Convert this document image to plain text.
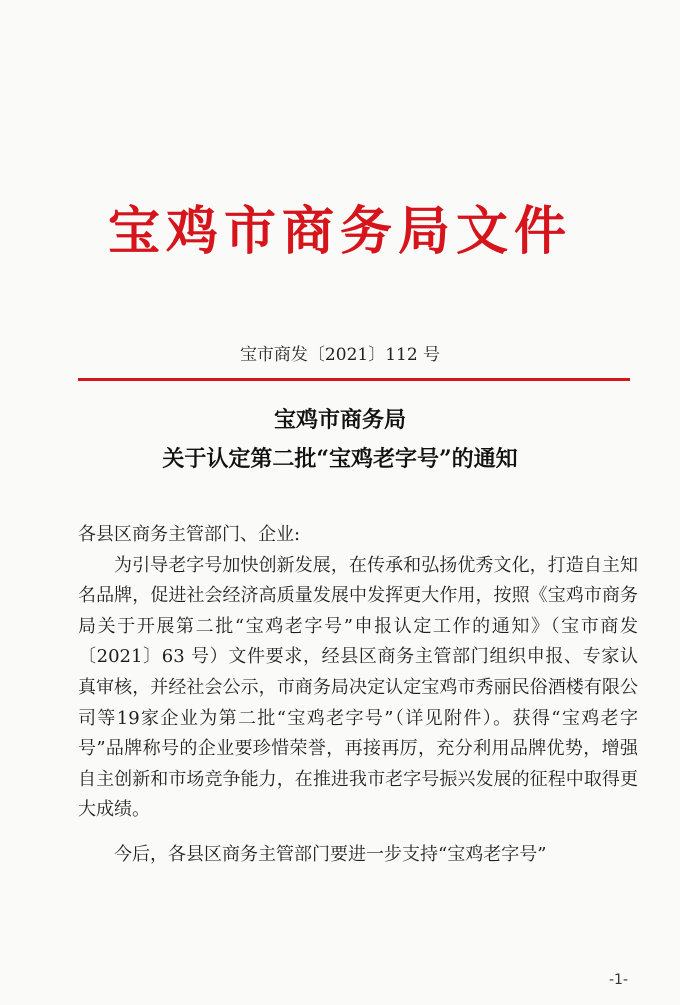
宝鸡市商务局文件
宝市商发〔2021〕112 号
宝鸡市商务局
关于认定第二批“宝鸡老字号”的通知

各县区商务主管部门、企业:

为引导老字号加快创新发展，在传承和弘扬优秀文化，打造自主知名品牌，促进社会经济高质量发展中发挥更大作用，按照《宝鸡市商务局关于开展第二批“宝鸡老字号”申报认定工作的通知》（宝市商发〔2021〕63 号）文件要求，经县区商务主管部门组织申报、专家认真审核，并经社会公示，市商务局决定认定宝鸡市秀丽民俗酒楼有限公司等19家企业为第二批“宝鸡老字号”（详见附件）。获得“宝鸡老字号”品牌称号的企业要珍惜荣誉，再接再厉，充分利用品牌优势，增强自主创新和市场竞争能力，在推进我市老字号振兴发展的征程中取得更大成绩。

今后，各县区商务主管部门要进一步支持“宝鸡老字号”

-1-
